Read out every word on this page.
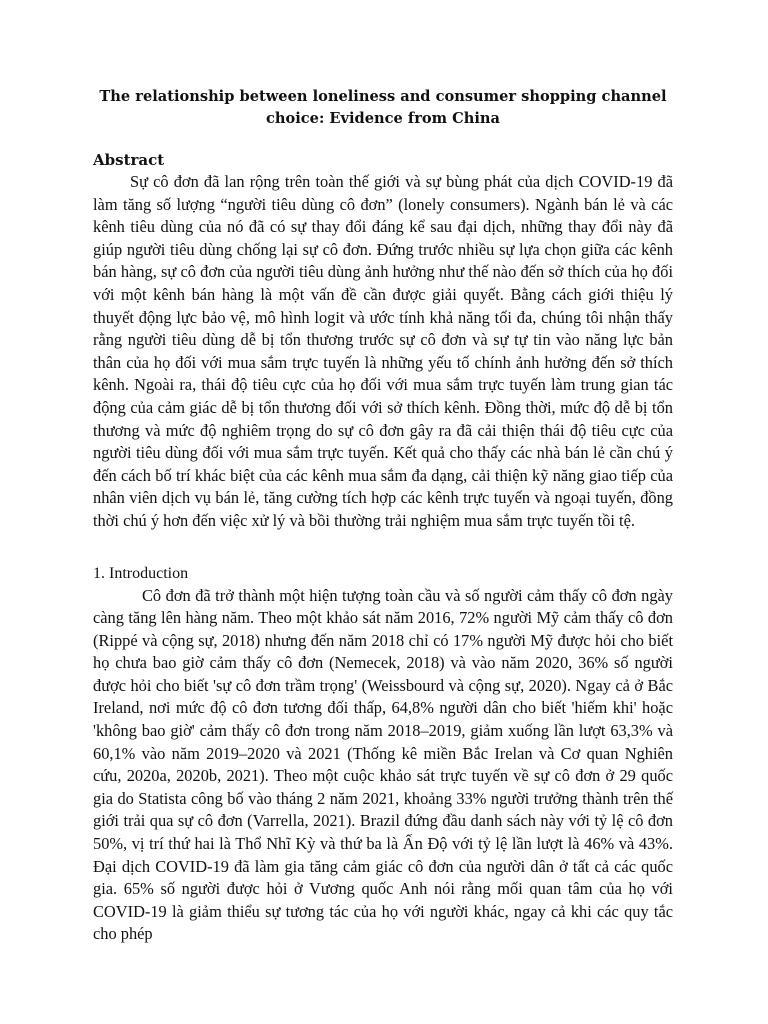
The relationship between loneliness and consumer shopping channel choice: Evidence from China
Abstract

Sự cô đơn đã lan rộng trên toàn thế giới và sự bùng phát của dịch COVID-19 đã làm tăng số lượng “người tiêu dùng cô đơn” (lonely consumers). Ngành bán lẻ và các kênh tiêu dùng của nó đã có sự thay đổi đáng kể sau đại dịch, những thay đổi này đã giúp người tiêu dùng chống lại sự cô đơn. Đứng trước nhiều sự lựa chọn giữa các kênh bán hàng, sự cô đơn của người tiêu dùng ảnh hưởng như thế nào đến sở thích của họ đối với một kênh bán hàng là một vấn đề cần được giải quyết. Bằng cách giới thiệu lý thuyết động lực bảo vệ, mô hình logit và ước tính khả năng tối đa, chúng tôi nhận thấy rằng người tiêu dùng dễ bị tổn thương trước sự cô đơn và sự tự tin vào năng lực bản thân của họ đối với mua sắm trực tuyến là những yếu tố chính ảnh hưởng đến sở thích kênh. Ngoài ra, thái độ tiêu cực của họ đối với mua sắm trực tuyến làm trung gian tác động của cảm giác dễ bị tổn thương đối với sở thích kênh. Đồng thời, mức độ dễ bị tổn thương và mức độ nghiêm trọng do sự cô đơn gây ra đã cải thiện thái độ tiêu cực của người tiêu dùng đối với mua sắm trực tuyến. Kết quả cho thấy các nhà bán lẻ cần chú ý đến cách bố trí khác biệt của các kênh mua sắm đa dạng, cải thiện kỹ năng giao tiếp của nhân viên dịch vụ bán lẻ, tăng cường tích hợp các kênh trực tuyến và ngoại tuyến, đồng thời chú ý hơn đến việc xử lý và bồi thường trải nghiệm mua sắm trực tuyến tồi tệ.

1. Introduction

Cô đơn đã trở thành một hiện tượng toàn cầu và số người cảm thấy cô đơn ngày càng tăng lên hàng năm. Theo một khảo sát năm 2016, 72% người Mỹ cảm thấy cô đơn (Rippé và cộng sự, 2018) nhưng đến năm 2018 chỉ có 17% người Mỹ được hỏi cho biết họ chưa bao giờ cảm thấy cô đơn (Nemecek, 2018) và vào năm 2020, 36% số người được hỏi cho biết 'sự cô đơn trầm trọng' (Weissbourd và cộng sự, 2020). Ngay cả ở Bắc Ireland, nơi mức độ cô đơn tương đối thấp, 64,8% người dân cho biết 'hiếm khi' hoặc 'không bao giờ' cảm thấy cô đơn trong năm 2018–2019, giảm xuống lần lượt 63,3% và 60,1% vào năm 2019–2020 và 2021 (Thống kê miền Bắc Irelan và Cơ quan Nghiên cứu, 2020a, 2020b, 2021). Theo một cuộc khảo sát trực tuyến về sự cô đơn ở 29 quốc gia do Statista công bố vào tháng 2 năm 2021, khoảng 33% người trưởng thành trên thế giới trải qua sự cô đơn (Varrella, 2021). Brazil đứng đầu danh sách này với tỷ lệ cô đơn 50%, vị trí thứ hai là Thổ Nhĩ Kỳ và thứ ba là Ấn Độ với tỷ lệ lần lượt là 46% và 43%. Đại dịch COVID-19 đã làm gia tăng cảm giác cô đơn của người dân ở tất cả các quốc gia. 65% số người được hỏi ở Vương quốc Anh nói rằng mối quan tâm của họ với COVID-19 là giảm thiểu sự tương tác của họ với người khác, ngay cả khi các quy tắc cho phép
